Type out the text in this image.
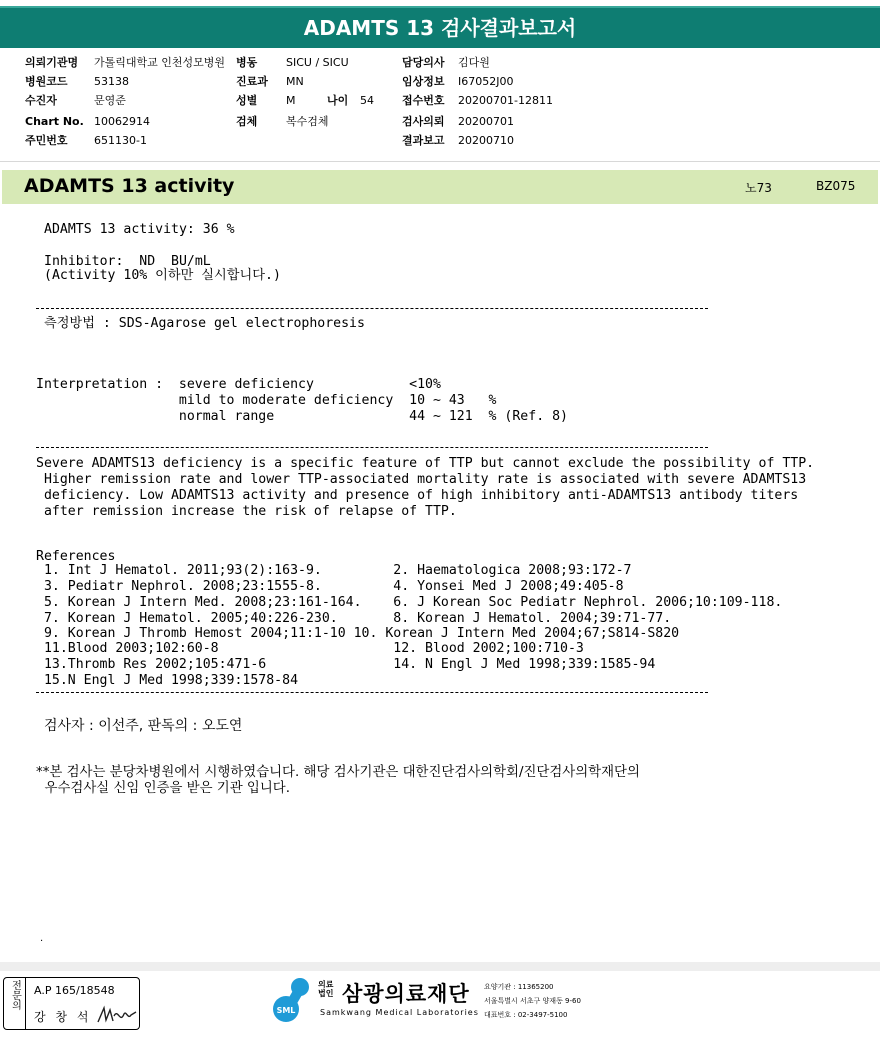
ADAMTS 13 검사결과보고서
의뢰기관명 가톨릭대학교 인천성모병원 병동	SICU / SICU	담당의사 김다원
병원코드 53138	진료과 MN	임상정보 I67052J00
수진자	문영준	성별	M	나이 54	접수번호 20200701-12811
Chart No. 10062914	검체	복수검체	검사의뢰 20200701
주민번호 651130-1	결과보고 20200710
ADAMTS 13 activity	노73	BZ075
ADAMTS 13 activity: 36 %
Inhibitor:  ND  BU/mL
(Activity 10% 이하만 실시합니다.)
측정방법 : SDS-Agarose gel electrophoresis
Interpretation :  severe deficiency            <10%
mild to moderate deficiency  10 ~ 43   %
normal range                 44 ~ 121  % (Ref. 8)
Severe ADAMTS13 deficiency is a specific feature of TTP but cannot exclude the possibility of TTP.
Higher remission rate and lower TTP-associated mortality rate is associated with severe ADAMTS13
deficiency. Low ADAMTS13 activity and presence of high inhibitory anti-ADAMTS13 antibody titers
after remission increase the risk of relapse of TTP.
References
1. Int J Hematol. 2011;93(2):163-9.         2. Haematologica 2008;93:172-7
3. Pediatr Nephrol. 2008;23:1555-8.         4. Yonsei Med J 2008;49:405-8
5. Korean J Intern Med. 2008;23:161-164.    6. J Korean Soc Pediatr Nephrol. 2006;10:109-118.
7. Korean J Hematol. 2005;40:226-230.       8. Korean J Hematol. 2004;39:71-77.
9. Korean J Thromb Hemost 2004;11:1-10 10. Korean J Intern Med 2004;67;S814-S820
11.Blood 2003;102:60-8                      12. Blood 2002;100:710-3
13.Thromb Res 2002;105:471-6                14. N Engl J Med 1998;339:1585-94
15.N Engl J Med 1998;339:1578-84
검사자 : 이선주, 판독의 : 오도연
**본 검사는 분당차병원에서 시행하였습니다. 해당 검사기관은 대한진단검사의학회/진단검사의학재단의
우수검사실 신임 인증을 받은 기관 입니다.
.
전문의	A.P 165/18548
강 창 석	SML
의료법인 삼광의료재단
Samkwang Medical Laboratories
요양기관 : 11365200
서울특별시 서초구 양재동 9-60
대표번호 : 02-3497-5100
